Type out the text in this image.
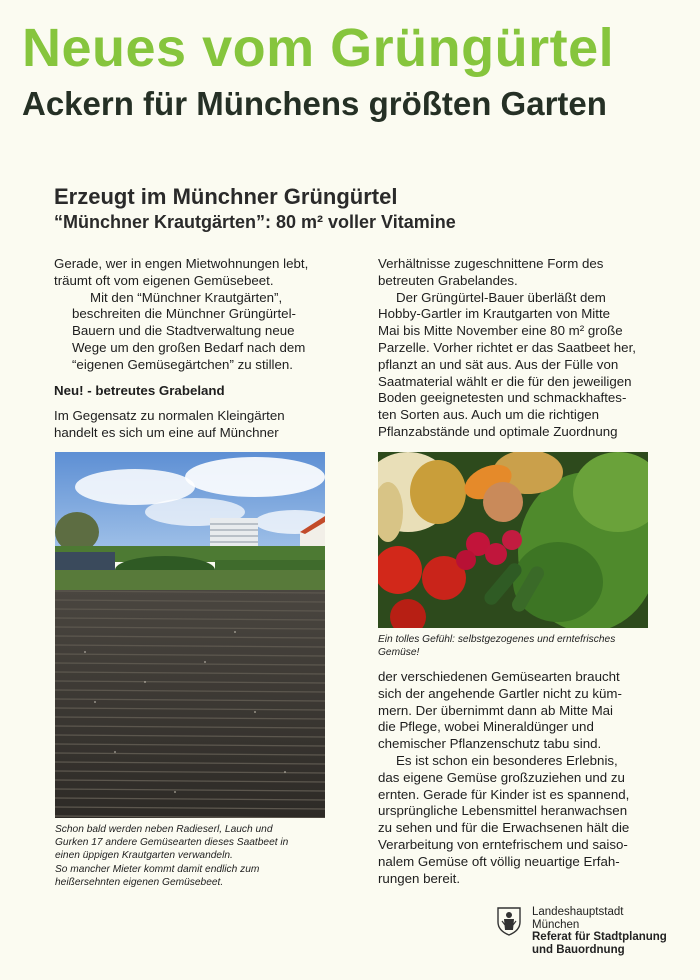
Neues vom Grüngürtel
Ackern für Münchens größten Garten
Erzeugt im Münchner Grüngürtel
“Münchner Krautgärten”: 80 m² voller Vitamine

Gerade, wer in engen Mietwohnungen lebt,
träumt oft vom eigenen Gemüsebeet.

Mit den “Münchner Krautgärten”,
beschreiten die Münchner Grüngürtel-
Bauern und die Stadtverwaltung neue
Wege um den großen Bedarf nach dem
“eigenen Gemüsegärtchen” zu stillen.

Neu! - betreutes Grabeland

Im Gegensatz zu normalen Kleingärten
handelt es sich um eine auf Münchner

Verhältnisse zugeschnittene Form des
betreuten Grabelandes.

Der Grüngürtel-Bauer überläßt dem
Hobby-Gartler im Krautgarten von Mitte
Mai bis Mitte November eine 80 m² große
Parzelle. Vorher richtet er das Saatbeet her,
pflanzt an und sät aus. Aus der Fülle von
Saatmaterial wählt er die für den jeweiligen
Boden geeignetesten und schmackhaftes-
ten Sorten aus. Auch um die richtigen
Pflanzabstände und optimale Zuordnung

Schon bald werden neben Radieserl, Lauch und
Gurken 17 andere Gemüsearten dieses Saatbeet in
einen üppigen Krautgarten verwandeln.
So mancher Mieter kommt damit endlich zum
heißersehnten eigenen Gemüsebeet.
Ein tolles Gefühl: selbstgezogenes und erntefrisches
Gemüse!

der verschiedenen Gemüsearten braucht
sich der angehende Gartler nicht zu küm-
mern. Der übernimmt dann ab Mitte Mai
die Pflege, wobei Mineraldünger und
chemischer Pflanzenschutz tabu sind.

Es ist schon ein besonderes Erlebnis,
das eigene Gemüse großzuziehen und zu
ernten. Gerade für Kinder ist es spannend,
ursprüngliche Lebensmittel heranwachsen
zu sehen und für die Erwachsenen hält die
Verarbeitung von erntefrischem und saiso-
nalem Gemüse oft völlig neuartige Erfah-
rungen bereit.

Landeshauptstadt
München
Referat für Stadtplanung
und Bauordnung
